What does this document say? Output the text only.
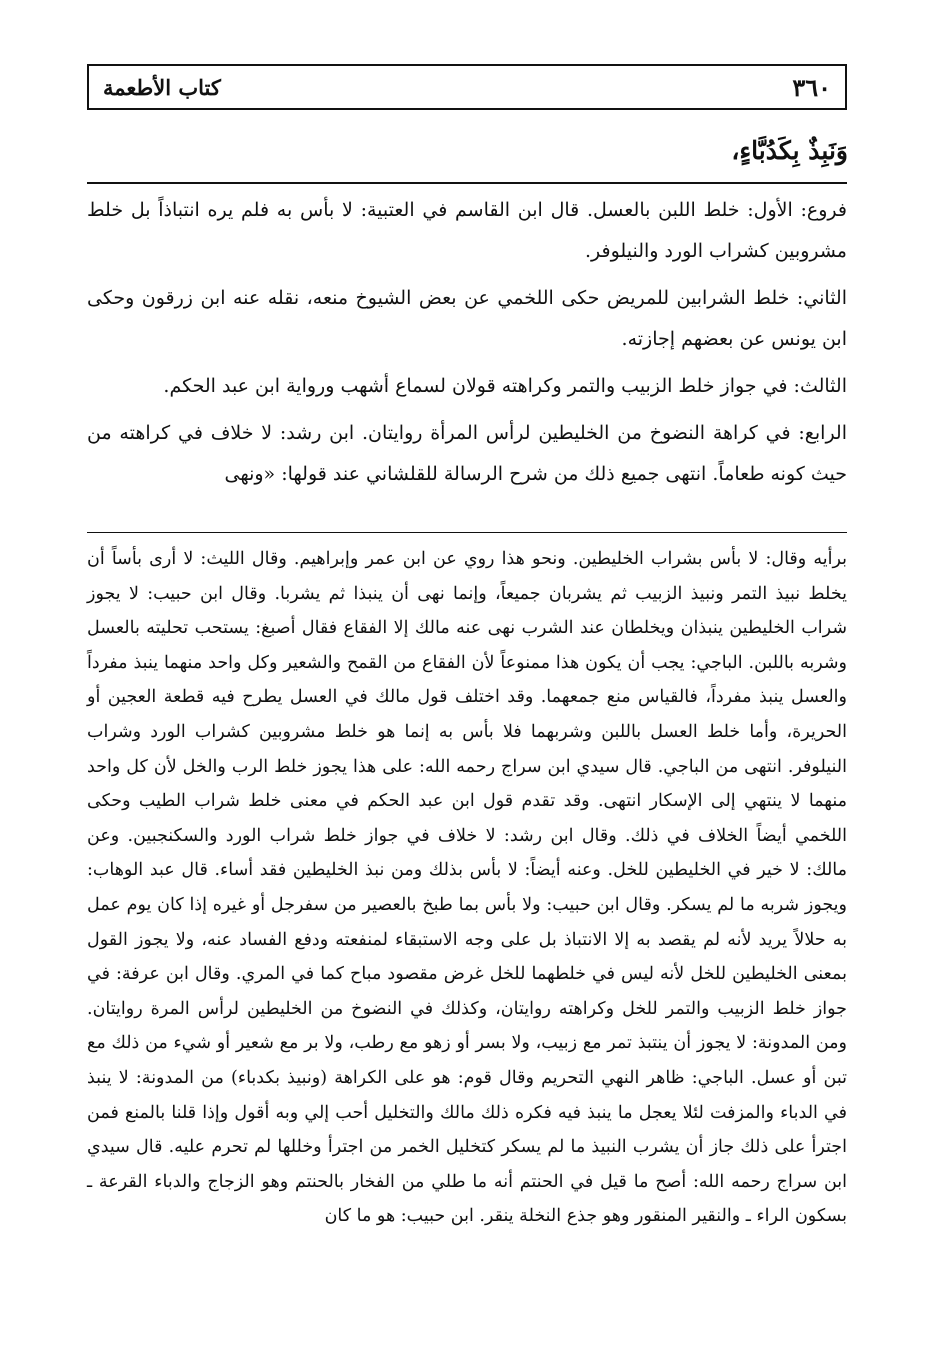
٣٦٠
كتاب الأطعمة
وَنَبِذٌ بِكَدُبَّاءٍ،

فروع: الأول: خلط اللبن بالعسل. قال ابن القاسم في العتبية: لا بأس به فلم يره انتباذاً بل خلط مشروبين كشراب الورد والنيلوفر.

الثاني: خلط الشرابين للمريض حكى اللخمي عن بعض الشيوخ منعه، نقله عنه ابن زرقون وحكى ابن يونس عن بعضهم إجازته.

الثالث: في جواز خلط الزبيب والتمر وكراهته قولان لسماع أشهب ورواية ابن عبد الحكم.

الرابع: في كراهة النضوخ من الخليطين لرأس المرأة روايتان. ابن رشد: لا خلاف في كراهته من حيث كونه طعاماً. انتهى جميع ذلك من شرح الرسالة للقلشاني عند قولها: «ونهى

برأيه وقال: لا بأس بشراب الخليطين. ونحو هذا روي عن ابن عمر وإبراهيم. وقال الليث: لا أرى بأساً أن يخلط نبيذ التمر ونبيذ الزبيب ثم يشربان جميعاً، وإنما نهى أن ينبذا ثم يشربا. وقال ابن حبيب: لا يجوز شراب الخليطين ينبذان ويخلطان عند الشرب نهى عنه مالك إلا الفقاع فقال أصبغ: يستحب تحليته بالعسل وشربه باللبن. الباجي: يجب أن يكون هذا ممنوعاً لأن الفقاع من القمح والشعير وكل واحد منهما ينبذ مفرداً والعسل ينبذ مفرداً، فالقياس منع جمعهما. وقد اختلف قول مالك في العسل يطرح فيه قطعة العجين أو الحريرة، وأما خلط العسل باللبن وشربهما فلا بأس به إنما هو خلط مشروبين كشراب الورد وشراب النيلوفر. انتهى من الباجي. قال سيدي ابن سراج رحمه الله: على هذا يجوز خلط الرب والخل لأن كل واحد منهما لا ينتهي إلى الإسكار انتهى. وقد تقدم قول ابن عبد الحكم في معنى خلط شراب الطيب وحكى اللخمي أيضاً الخلاف في ذلك. وقال ابن رشد: لا خلاف في جواز خلط شراب الورد والسكنجبين. وعن مالك: لا خير في الخليطين للخل. وعنه أيضاً: لا بأس بذلك ومن نبذ الخليطين فقد أساء. قال عبد الوهاب: ويجوز شربه ما لم يسكر. وقال ابن حبيب: ولا بأس بما طبخ بالعصير من سفرجل أو غيره إذا كان يوم عمل به حلالاً يريد لأنه لم يقصد به إلا الانتباذ بل على وجه الاستبقاء لمنفعته ودفع الفساد عنه، ولا يجوز القول بمعنى الخليطين للخل لأنه ليس في خلطهما للخل غرض مقصود مباح كما في المري. وقال ابن عرفة: في جواز خلط الزبيب والتمر للخل وكراهته روايتان، وكذلك في النضوخ من الخليطين لرأس المرة روايتان. ومن المدونة: لا يجوز أن ينتبذ تمر مع زبيب، ولا بسر أو زهو مع رطب، ولا بر مع شعير أو شيء من ذلك مع تبن أو عسل. الباجي: ظاهر النهي التحريم وقال قوم: هو على الكراهة (ونبيذ بكدباء) من المدونة: لا ينبذ في الدباء والمزفت لئلا يعجل ما ينبذ فيه فكره ذلك مالك والتخليل أحب إلي وبه أقول وإذا قلنا بالمنع فمن اجترأ على ذلك جاز أن يشرب النبيذ ما لم يسكر كتخليل الخمر من اجترأ وخللها لم تحرم عليه. قال سيدي ابن سراج رحمه الله: أصح ما قيل في الحنتم أنه ما طلي من الفخار بالحنتم وهو الزجاج والدباء القرعة ـ بسكون الراء ـ والنقير المنقور وهو جذع النخلة ينقر. ابن حبيب: هو ما كان
